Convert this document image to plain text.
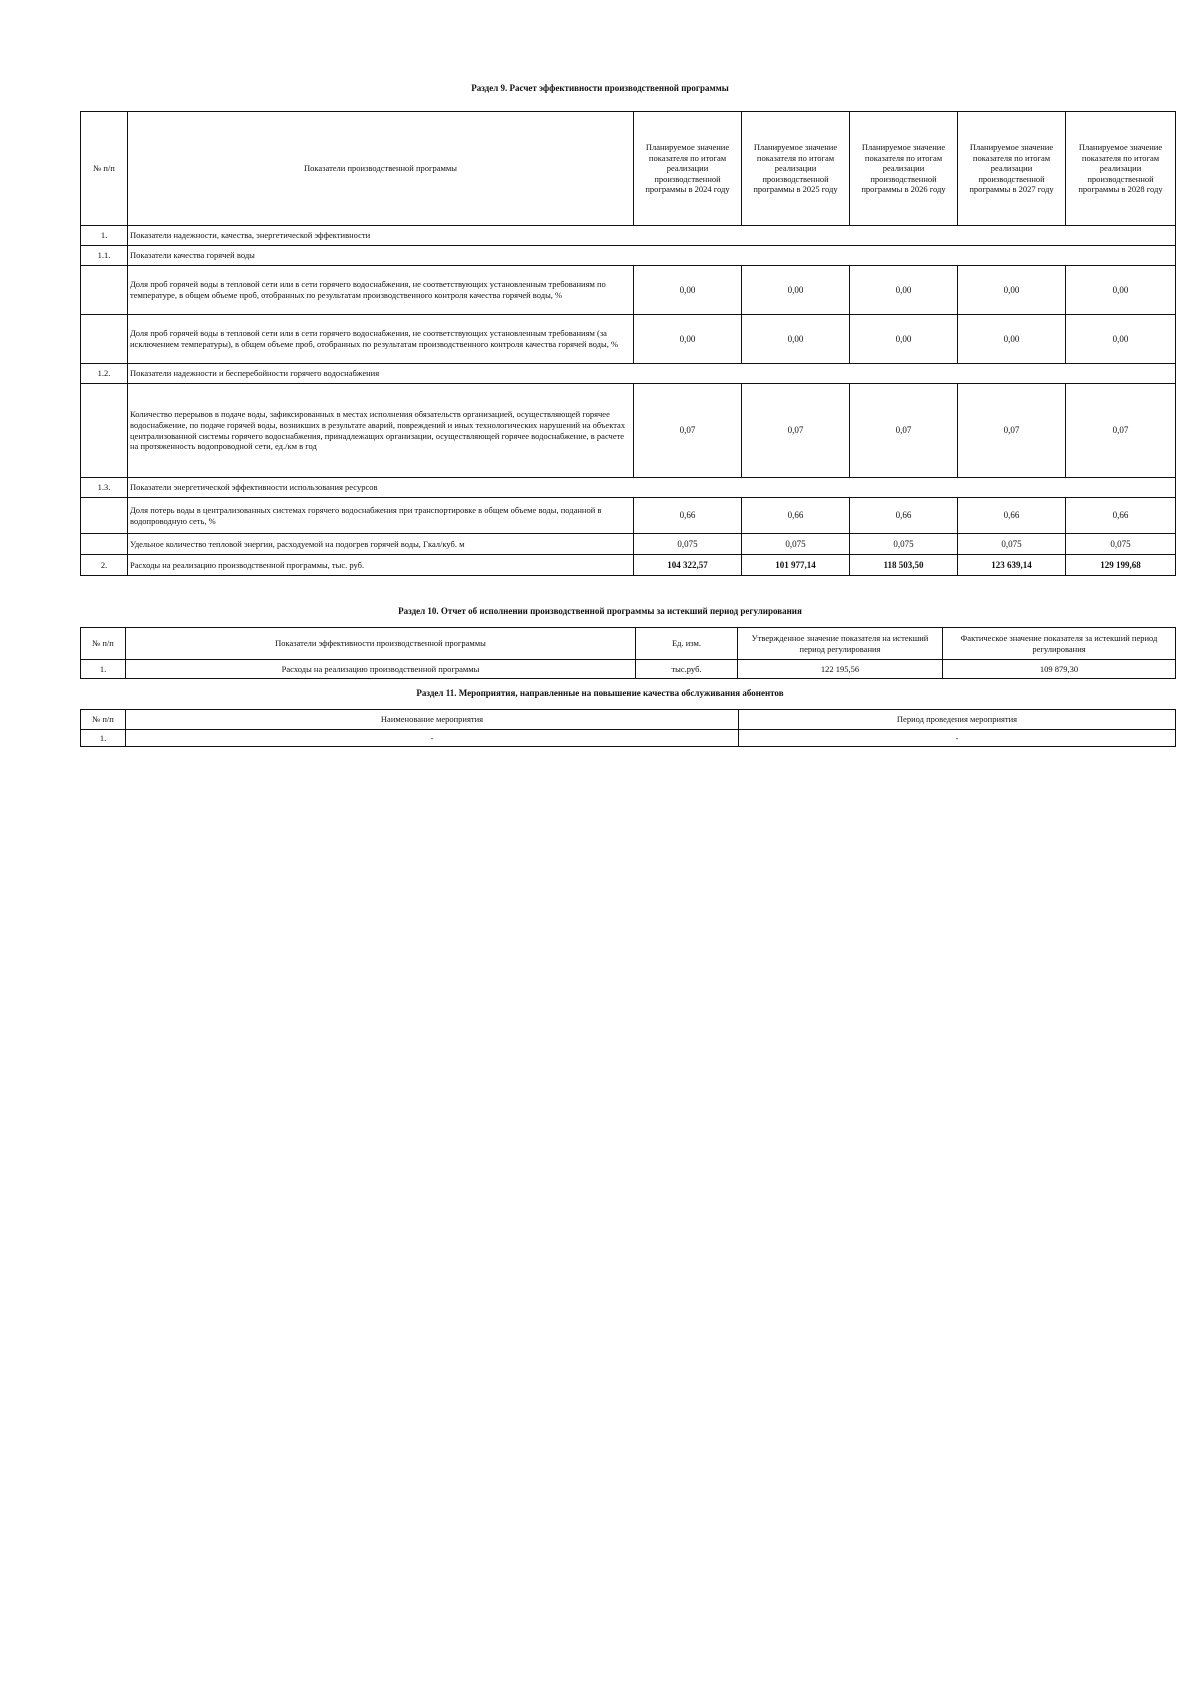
Раздел 9. Расчет эффективности производственной программы
№ п/п	Показатели производственной программы	Планируемое значение показателя по итогам реализации производственной программы в 2024 году	Планируемое значение показателя по итогам реализации производственной программы в 2025 году	Планируемое значение показателя по итогам реализации производственной программы в 2026 году	Планируемое значение показателя по итогам реализации производственной программы в 2027 году	Планируемое значение показателя по итогам реализации производственной программы в 2028 году
1.	Показатели надежности, качества, энергетической эффективности					
1.1.	Показатели качества горячей воды					
	Доля проб горячей воды в тепловой сети или в сети горячего водоснабжения, не соответствующих установленным требованиям по температуре, в общем объеме проб, отобранных по результатам производственного контроля качества горячей воды, %	0,00	0,00	0,00	0,00	0,00
	Доля проб горячей воды в тепловой сети или в сети горячего водоснабжения, не соответствующих установленным требованиям (за исключением температуры), в общем объеме проб, отобранных по результатам производственного контроля качества горячей воды, %	0,00	0,00	0,00	0,00	0,00
1.2.	Показатели надежности и бесперебойности горячего водоснабжения					
	Количество перерывов в подаче воды, зафиксированных в местах исполнения обязательств организацией, осуществляющей горячее водоснабжение, по подаче горячей воды, возникших в результате аварий, повреждений и иных технологических нарушений на объектах централизованной системы горячего водоснабжения, принадлежащих организации, осуществляющей горячее водоснабжение, в расчете на протяженность водопроводной сети, ед./км в год	0,07	0,07	0,07	0,07	0,07
1.3.	Показатели энергетической эффективности использования ресурсов					
	Доля потерь воды в централизованных системах горячего водоснабжения при транспортировке в общем объеме воды, поданной в водопроводную сеть, %	0,66	0,66	0,66	0,66	0,66
	Удельное количество тепловой энергии, расходуемой на подогрев горячей воды, Гкал/куб. м	0,075	0,075	0,075	0,075	0,075
2.	Расходы на реализацию производственной программы, тыс. руб.	104 322,57	101 977,14	118 503,50	123 639,14	129 199,68
Раздел 10. Отчет об исполнении производственной программы за истекший период регулирования
№ п/п	Показатели эффективности производственной программы	Ед. изм.	Утвержденное значение показателя на истекший период регулирования	Фактическое значение показателя за истекший период регулирования
1.	Расходы на реализацию производственной программы	тыс.руб.	122 195,56	109 879,30
Раздел 11. Мероприятия, направленные на повышение качества обслуживания абонентов
№ п/п	Наименование мероприятия	Период проведения мероприятия
1.	-	-
